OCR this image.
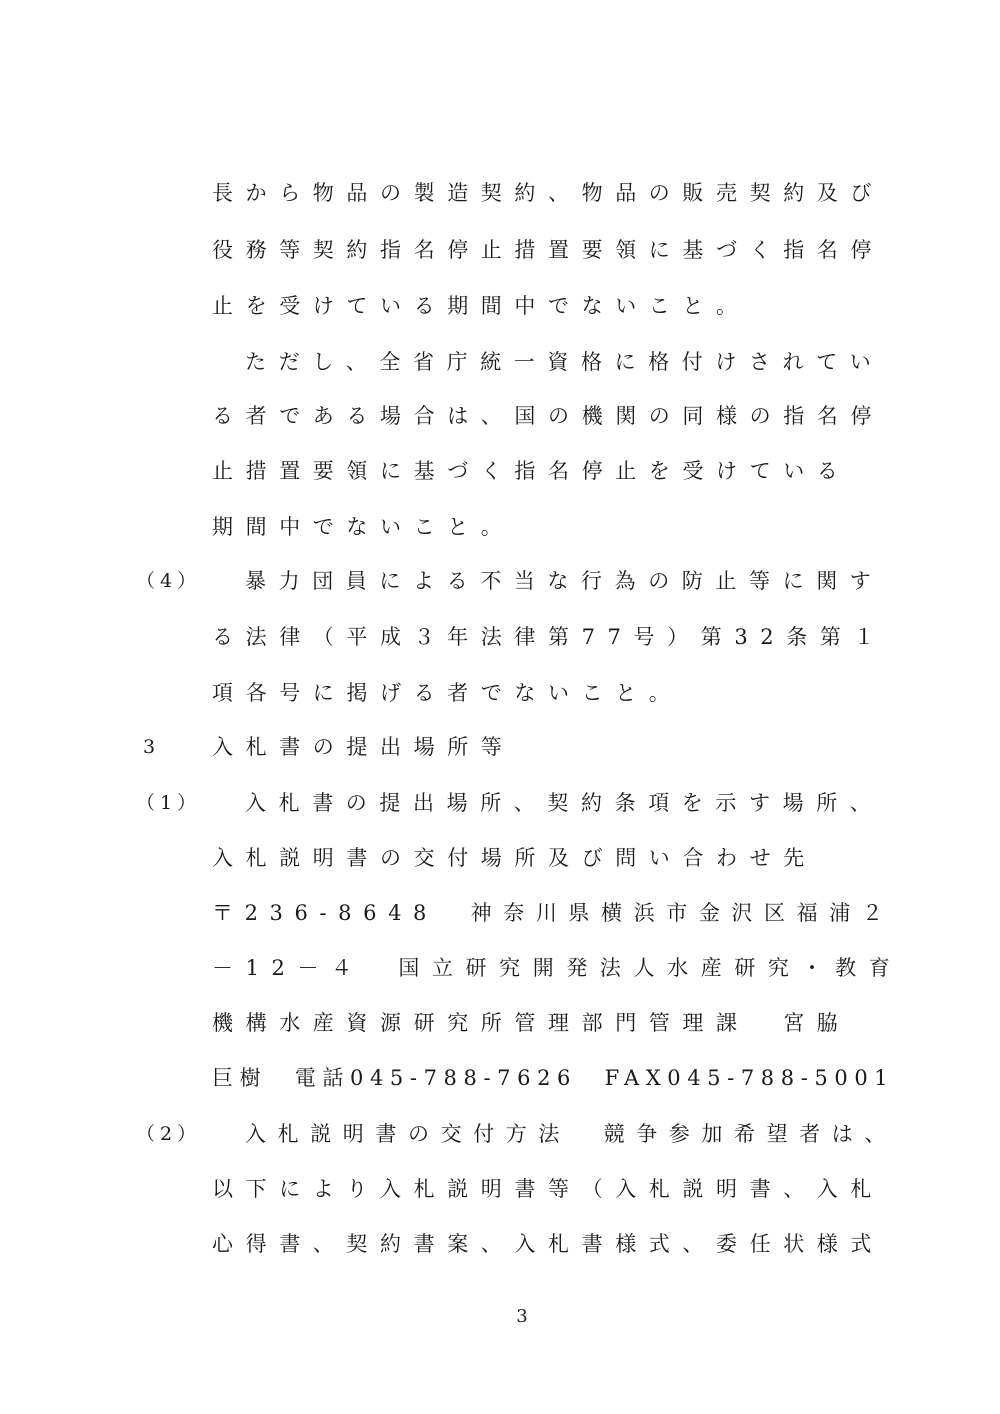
長から物品の製造契約、物品の販売契約及び
役務等契約指名停止措置要領に基づく指名停
止を受けている期間中でないこと。
ただし、全省庁統一資格に格付けされてい
る者である場合は、国の機関の同様の指名停
止措置要領に基づく指名停止を受けている
期間中でないこと。
（4） 暴力団員による不当な行為の防止等に関す
る法律（平成３年法律第77号）第32条第１
項各号に掲げる者でないこと。
3 入札書の提出場所等
（1） 入札書の提出場所、契約条項を示す場所、
入札説明書の交付場所及び問い合わせ先
〒236-8648　神奈川県横浜市金沢区福浦２
－12－４　国立研究開発法人水産研究・教育
機構水産資源研究所管理部門管理課　宮脇
巨樹　電話045-788-7626　FAX045-788-5001
（2） 入札説明書の交付方法　競争参加希望者は、
以下により入札説明書等（入札説明書、入札
心得書、契約書案、入札書様式、委任状様式
3
